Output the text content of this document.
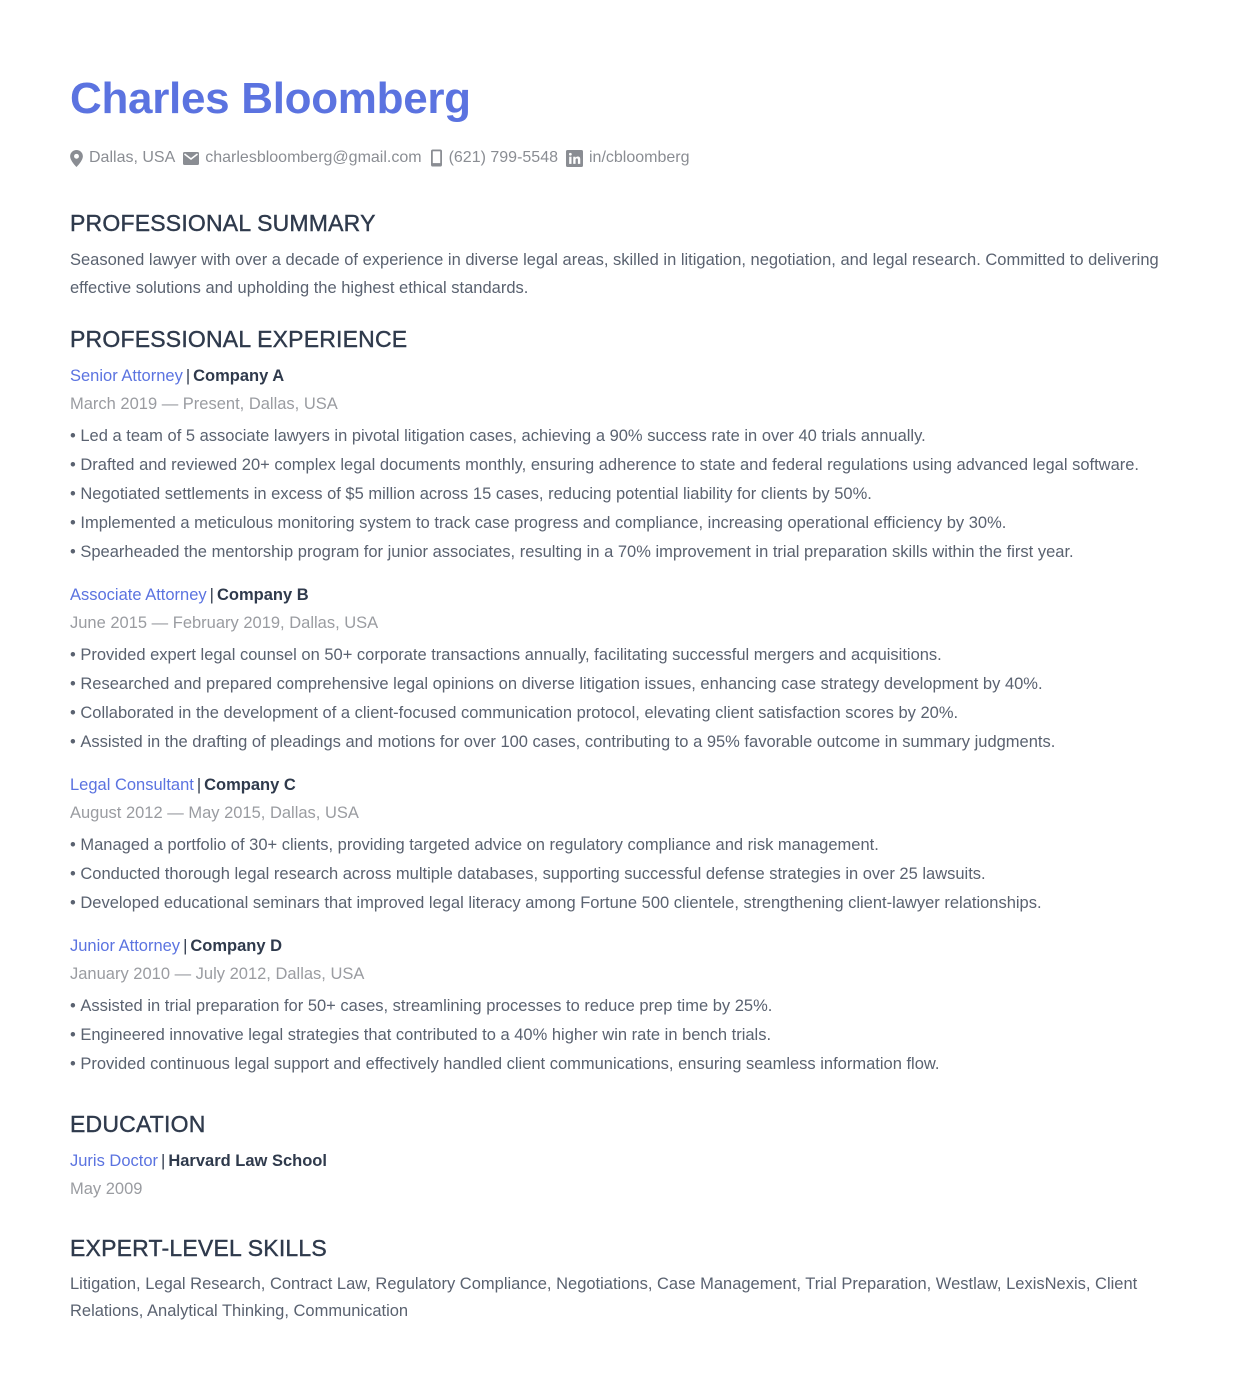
Charles Bloomberg
Dallas, USA charlesbloomberg@gmail.com (621) 799-5548 in/cbloomberg
PROFESSIONAL SUMMARY
Seasoned lawyer with over a decade of experience in diverse legal areas, skilled in litigation, negotiation, and legal research. Committed to delivering effective solutions and upholding the highest ethical standards.
PROFESSIONAL EXPERIENCE
Senior Attorney | Company A
March 2019 — Present, Dallas, USA
• Led a team of 5 associate lawyers in pivotal litigation cases, achieving a 90% success rate in over 40 trials annually.
• Drafted and reviewed 20+ complex legal documents monthly, ensuring adherence to state and federal regulations using advanced legal software.
• Negotiated settlements in excess of $5 million across 15 cases, reducing potential liability for clients by 50%.
• Implemented a meticulous monitoring system to track case progress and compliance, increasing operational efficiency by 30%.
• Spearheaded the mentorship program for junior associates, resulting in a 70% improvement in trial preparation skills within the first year.
Associate Attorney | Company B
June 2015 — February 2019, Dallas, USA
• Provided expert legal counsel on 50+ corporate transactions annually, facilitating successful mergers and acquisitions.
• Researched and prepared comprehensive legal opinions on diverse litigation issues, enhancing case strategy development by 40%.
• Collaborated in the development of a client-focused communication protocol, elevating client satisfaction scores by 20%.
• Assisted in the drafting of pleadings and motions for over 100 cases, contributing to a 95% favorable outcome in summary judgments.
Legal Consultant | Company C
August 2012 — May 2015, Dallas, USA
• Managed a portfolio of 30+ clients, providing targeted advice on regulatory compliance and risk management.
• Conducted thorough legal research across multiple databases, supporting successful defense strategies in over 25 lawsuits.
• Developed educational seminars that improved legal literacy among Fortune 500 clientele, strengthening client-lawyer relationships.
Junior Attorney | Company D
January 2010 — July 2012, Dallas, USA
• Assisted in trial preparation for 50+ cases, streamlining processes to reduce prep time by 25%.
• Engineered innovative legal strategies that contributed to a 40% higher win rate in bench trials.
• Provided continuous legal support and effectively handled client communications, ensuring seamless information flow.
EDUCATION
Juris Doctor | Harvard Law School
May 2009
EXPERT-LEVEL SKILLS
Litigation, Legal Research, Contract Law, Regulatory Compliance, Negotiations, Case Management, Trial Preparation, Westlaw, LexisNexis, Client Relations, Analytical Thinking, Communication
